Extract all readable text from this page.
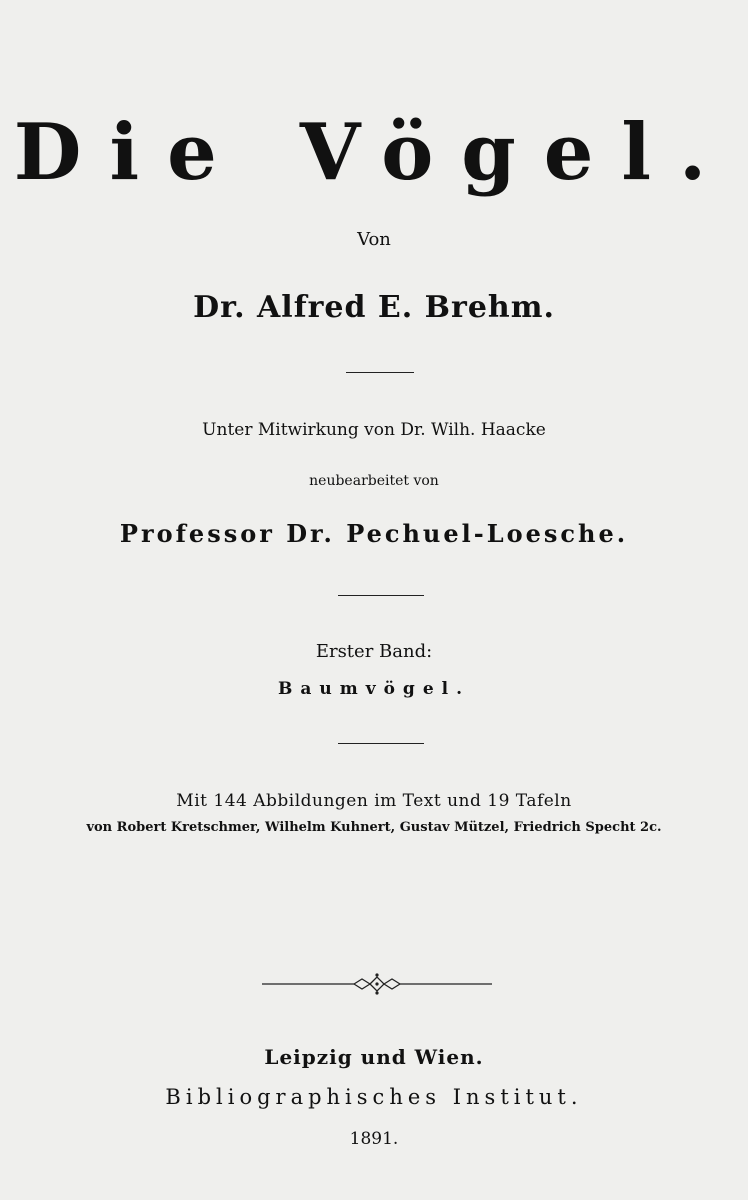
Die Vögel.
Von
Dr. Alfred E. Brehm.
Unter Mitwirkung von Dr. Wilh. Haacke
neubearbeitet von
Professor Dr. Pechuel-Loesche.
Erster Band:
Baumvögel.
Mit 144 Abbildungen im Text und 19 Tafeln
von Robert Kretschmer, Wilhelm Kuhnert, Gustav Mützel, Friedrich Specht 2c.
Leipzig und Wien.
Bibliographisches Institut.
1891.
